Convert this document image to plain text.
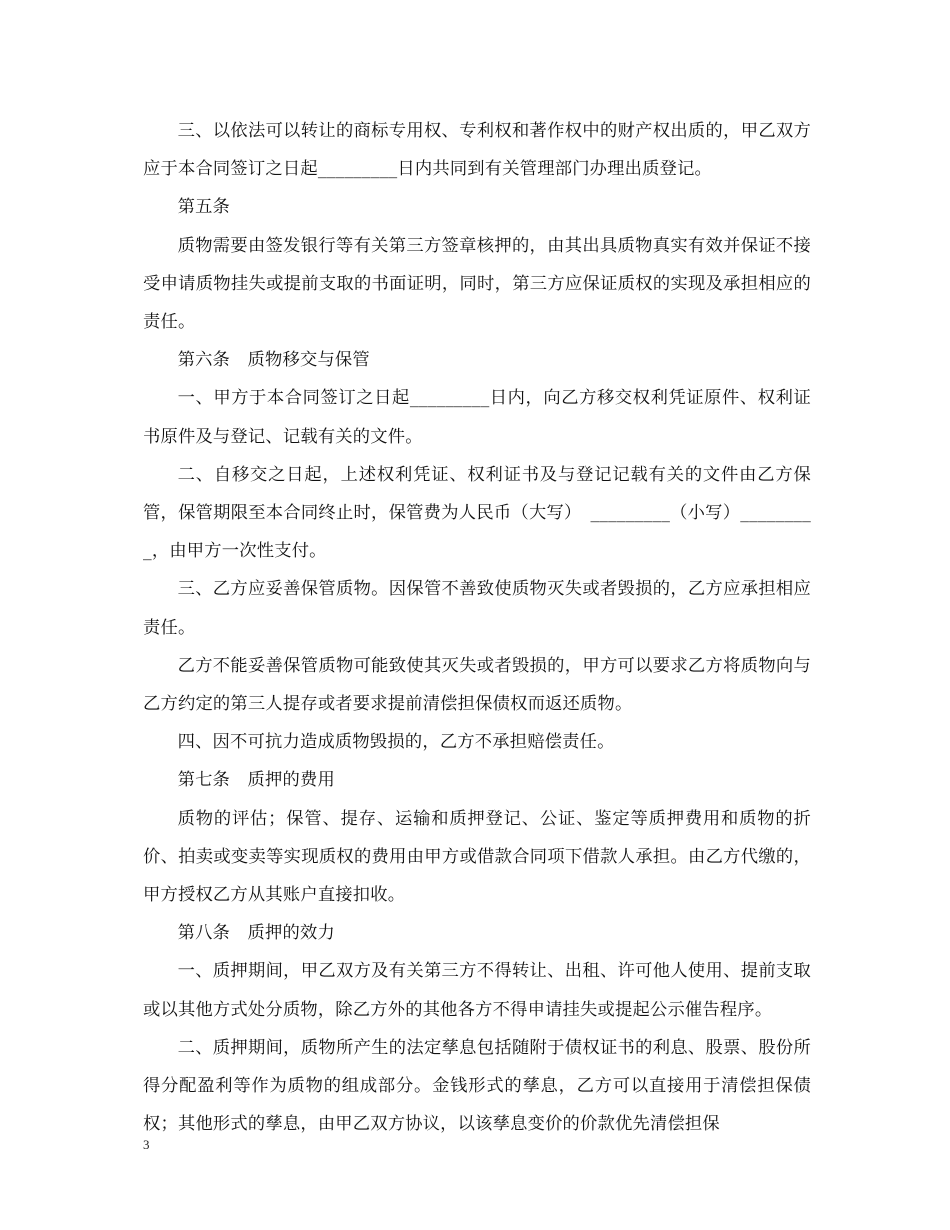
三、以依法可以转让的商标专用权、专利权和著作权中的财产权出质的，甲乙双方应于本合同签订之日起_________日内共同到有关管理部门办理出质登记。

第五条

质物需要由签发银行等有关第三方签章核押的，由其出具质物真实有效并保证不接受申请质物挂失或提前支取的书面证明，同时，第三方应保证质权的实现及承担相应的责任。

第六条　质物移交与保管

一、甲方于本合同签订之日起_________日内，向乙方移交权利凭证原件、权利证书原件及与登记、记载有关的文件。

二、自移交之日起，上述权利凭证、权利证书及与登记记载有关的文件由乙方保管，保管期限至本合同终止时，保管费为人民币（大写）　_________（小写）_________，由甲方一次性支付。

三、乙方应妥善保管质物。因保管不善致使质物灭失或者毁损的，乙方应承担相应责任。

乙方不能妥善保管质物可能致使其灭失或者毁损的，甲方可以要求乙方将质物向与乙方约定的第三人提存或者要求提前清偿担保债权而返还质物。

四、因不可抗力造成质物毁损的，乙方不承担赔偿责任。

第七条　质押的费用

质物的评估；保管、提存、运输和质押登记、公证、鉴定等质押费用和质物的折价、拍卖或变卖等实现质权的费用由甲方或借款合同项下借款人承担。由乙方代缴的，甲方授权乙方从其账户直接扣收。

第八条　质押的效力

一、质押期间，甲乙双方及有关第三方不得转让、出租、许可他人使用、提前支取或以其他方式处分质物，除乙方外的其他各方不得申请挂失或提起公示催告程序。

二、质押期间，质物所产生的法定孳息包括随附于债权证书的利息、股票、股份所得分配盈利等作为质物的组成部分。金钱形式的孳息，乙方可以直接用于清偿担保债权；其他形式的孳息，由甲乙双方协议，以该孳息变价的价款优先清偿担保

3
